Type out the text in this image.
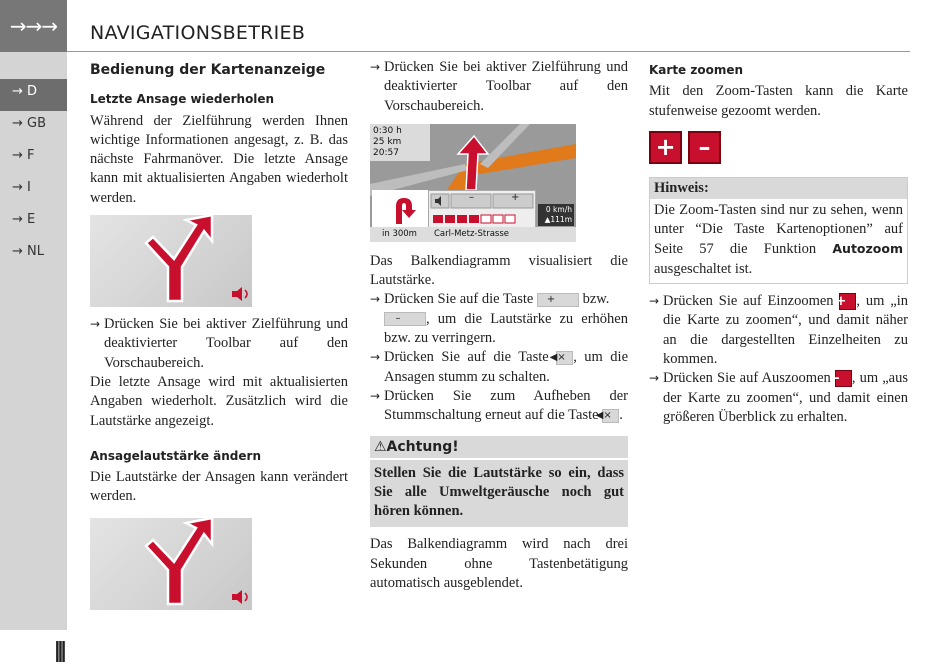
→→→
→ D
→ GB
→ F
→ I
→ E
→ NL
⫴
NAVIGATIONSBETRIEB
Bedienung der Kartenanzeige
Letzte Ansage wiederholen

Während der Zielführung werden Ihnen wichtige Informationen angesagt, z. B. das nächste Fahrmanöver. Die letzte Ansage kann mit aktualisierten Angaben wiederholt werden.

→ Drücken Sie bei aktiver Zielführung und deaktivierter Toolbar auf den Vorschaubereich.

Die letzte Ansage wird mit aktualisierten Angaben wiederholt. Zusätzlich wird die Lautstärke angezeigt.

Ansagelautstärke ändern

Die Lautstärke der Ansagen kann verändert werden.

→ Drücken Sie bei aktiver Zielführung und deaktivierter Toolbar auf den Vorschaubereich.
0:30 h
25 km
20:57
–	+
0 km/h
▲111m
in 300m Carl-Metz-Strasse

Das Balkendiagramm visualisiert die Lautstärke.

→ Drücken Sie auf die Taste + bzw.
– , um die Lautstärke zu erhöhen bzw. zu verringern.
→ Drücken Sie auf die Taste ◀× , um die Ansagen stumm zu schalten.
→ Drücken Sie zum Aufheben der Stummschaltung erneut auf die Taste ◀× .
⚠Achtung!
Stellen Sie die Lautstärke so ein, dass Sie alle Umweltgeräusche noch gut hören können.

Das Balkendiagramm wird nach drei Sekunden ohne Tastenbetätigung automatisch ausgeblendet.

Karte zoomen

Mit den Zoom-Tasten kann die Karte stufenweise gezoomt werden.

+ –
Hinweis:
Die Zoom-Tasten sind nur zu sehen, wenn unter “Die Taste Kartenoptionen” auf Seite 57 die Funktion Autozoom ausgeschaltet ist.
→ Drücken Sie auf Einzoomen + , um „in die Karte zu zoomen“, und damit näher an die dargestellten Einzelheiten zu kommen.
→ Drücken Sie auf Auszoomen – , um „aus der Karte zu zoomen“, und damit einen größeren Überblick zu erhalten.
